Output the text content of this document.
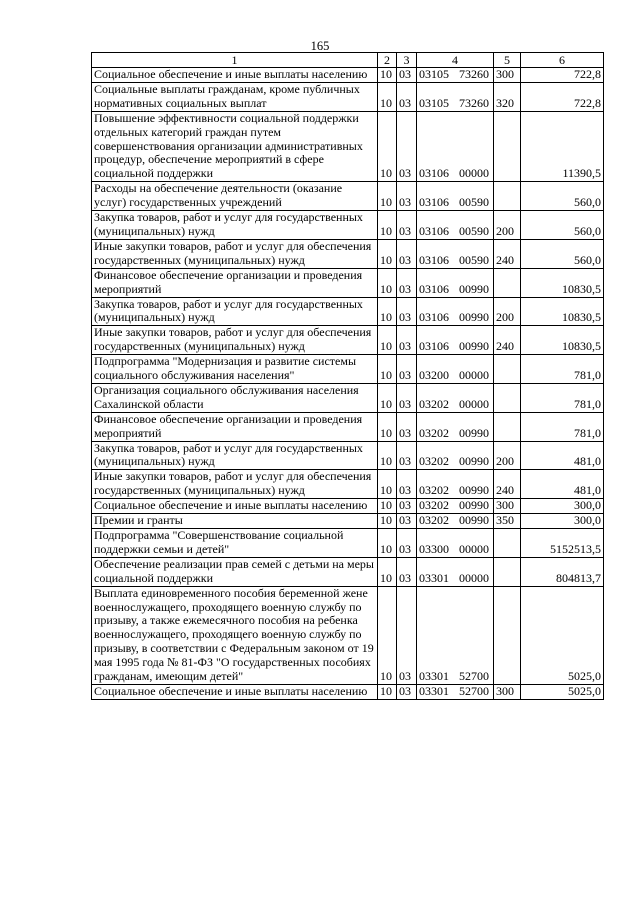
165
1	2	3	4	5	6
Социальное обеспечение и иные выплаты населению	10	03	03105 73260	300	722,8
Социальные выплаты гражданам, кроме публичных нормативных социальных выплат	10	03	03105 73260	320	722,8
Повышение эффективности социальной поддержки отдельных категорий граждан путем совершенствования организации административных процедур, обеспечение мероприятий в сфере социальной поддержки	10	03	03106 00000		11390,5
Расходы на обеспечение деятельности (оказание услуг) государственных учреждений	10	03	03106 00590		560,0
Закупка товаров, работ и услуг для государственных (муниципальных) нужд	10	03	03106 00590	200	560,0
Иные закупки товаров, работ и услуг для обеспечения государственных (муниципальных) нужд	10	03	03106 00590	240	560,0
Финансовое обеспечение организации и проведения мероприятий	10	03	03106 00990		10830,5
Закупка товаров, работ и услуг для государственных (муниципальных) нужд	10	03	03106 00990	200	10830,5
Иные закупки товаров, работ и услуг для обеспечения государственных (муниципальных) нужд	10	03	03106 00990	240	10830,5
Подпрограмма "Модернизация и развитие системы социального обслуживания населения"	10	03	03200 00000		781,0
Организация социального обслуживания населения Сахалинской области	10	03	03202 00000		781,0
Финансовое обеспечение организации и проведения мероприятий	10	03	03202 00990		781,0
Закупка товаров, работ и услуг для государственных (муниципальных) нужд	10	03	03202 00990	200	481,0
Иные закупки товаров, работ и услуг для обеспечения государственных (муниципальных) нужд	10	03	03202 00990	240	481,0
Социальное обеспечение и иные выплаты населению	10	03	03202 00990	300	300,0
Премии и гранты	10	03	03202 00990	350	300,0
Подпрограмма "Совершенствование социальной поддержки семьи и детей"	10	03	03300 00000		5152513,5
Обеспечение реализации прав семей с детьми на меры социальной поддержки	10	03	03301 00000		804813,7
Выплата единовременного пособия беременной жене военнослужащего, проходящего военную службу по призыву, а также ежемесячного пособия на ребенка военнослужащего, проходящего военную службу по призыву, в соответствии с Федеральным законом от 19 мая 1995 года № 81-ФЗ "О государственных пособиях гражданам, имеющим детей"	10	03	03301 52700		5025,0
Социальное обеспечение и иные выплаты населению	10	03	03301 52700	300	5025,0
